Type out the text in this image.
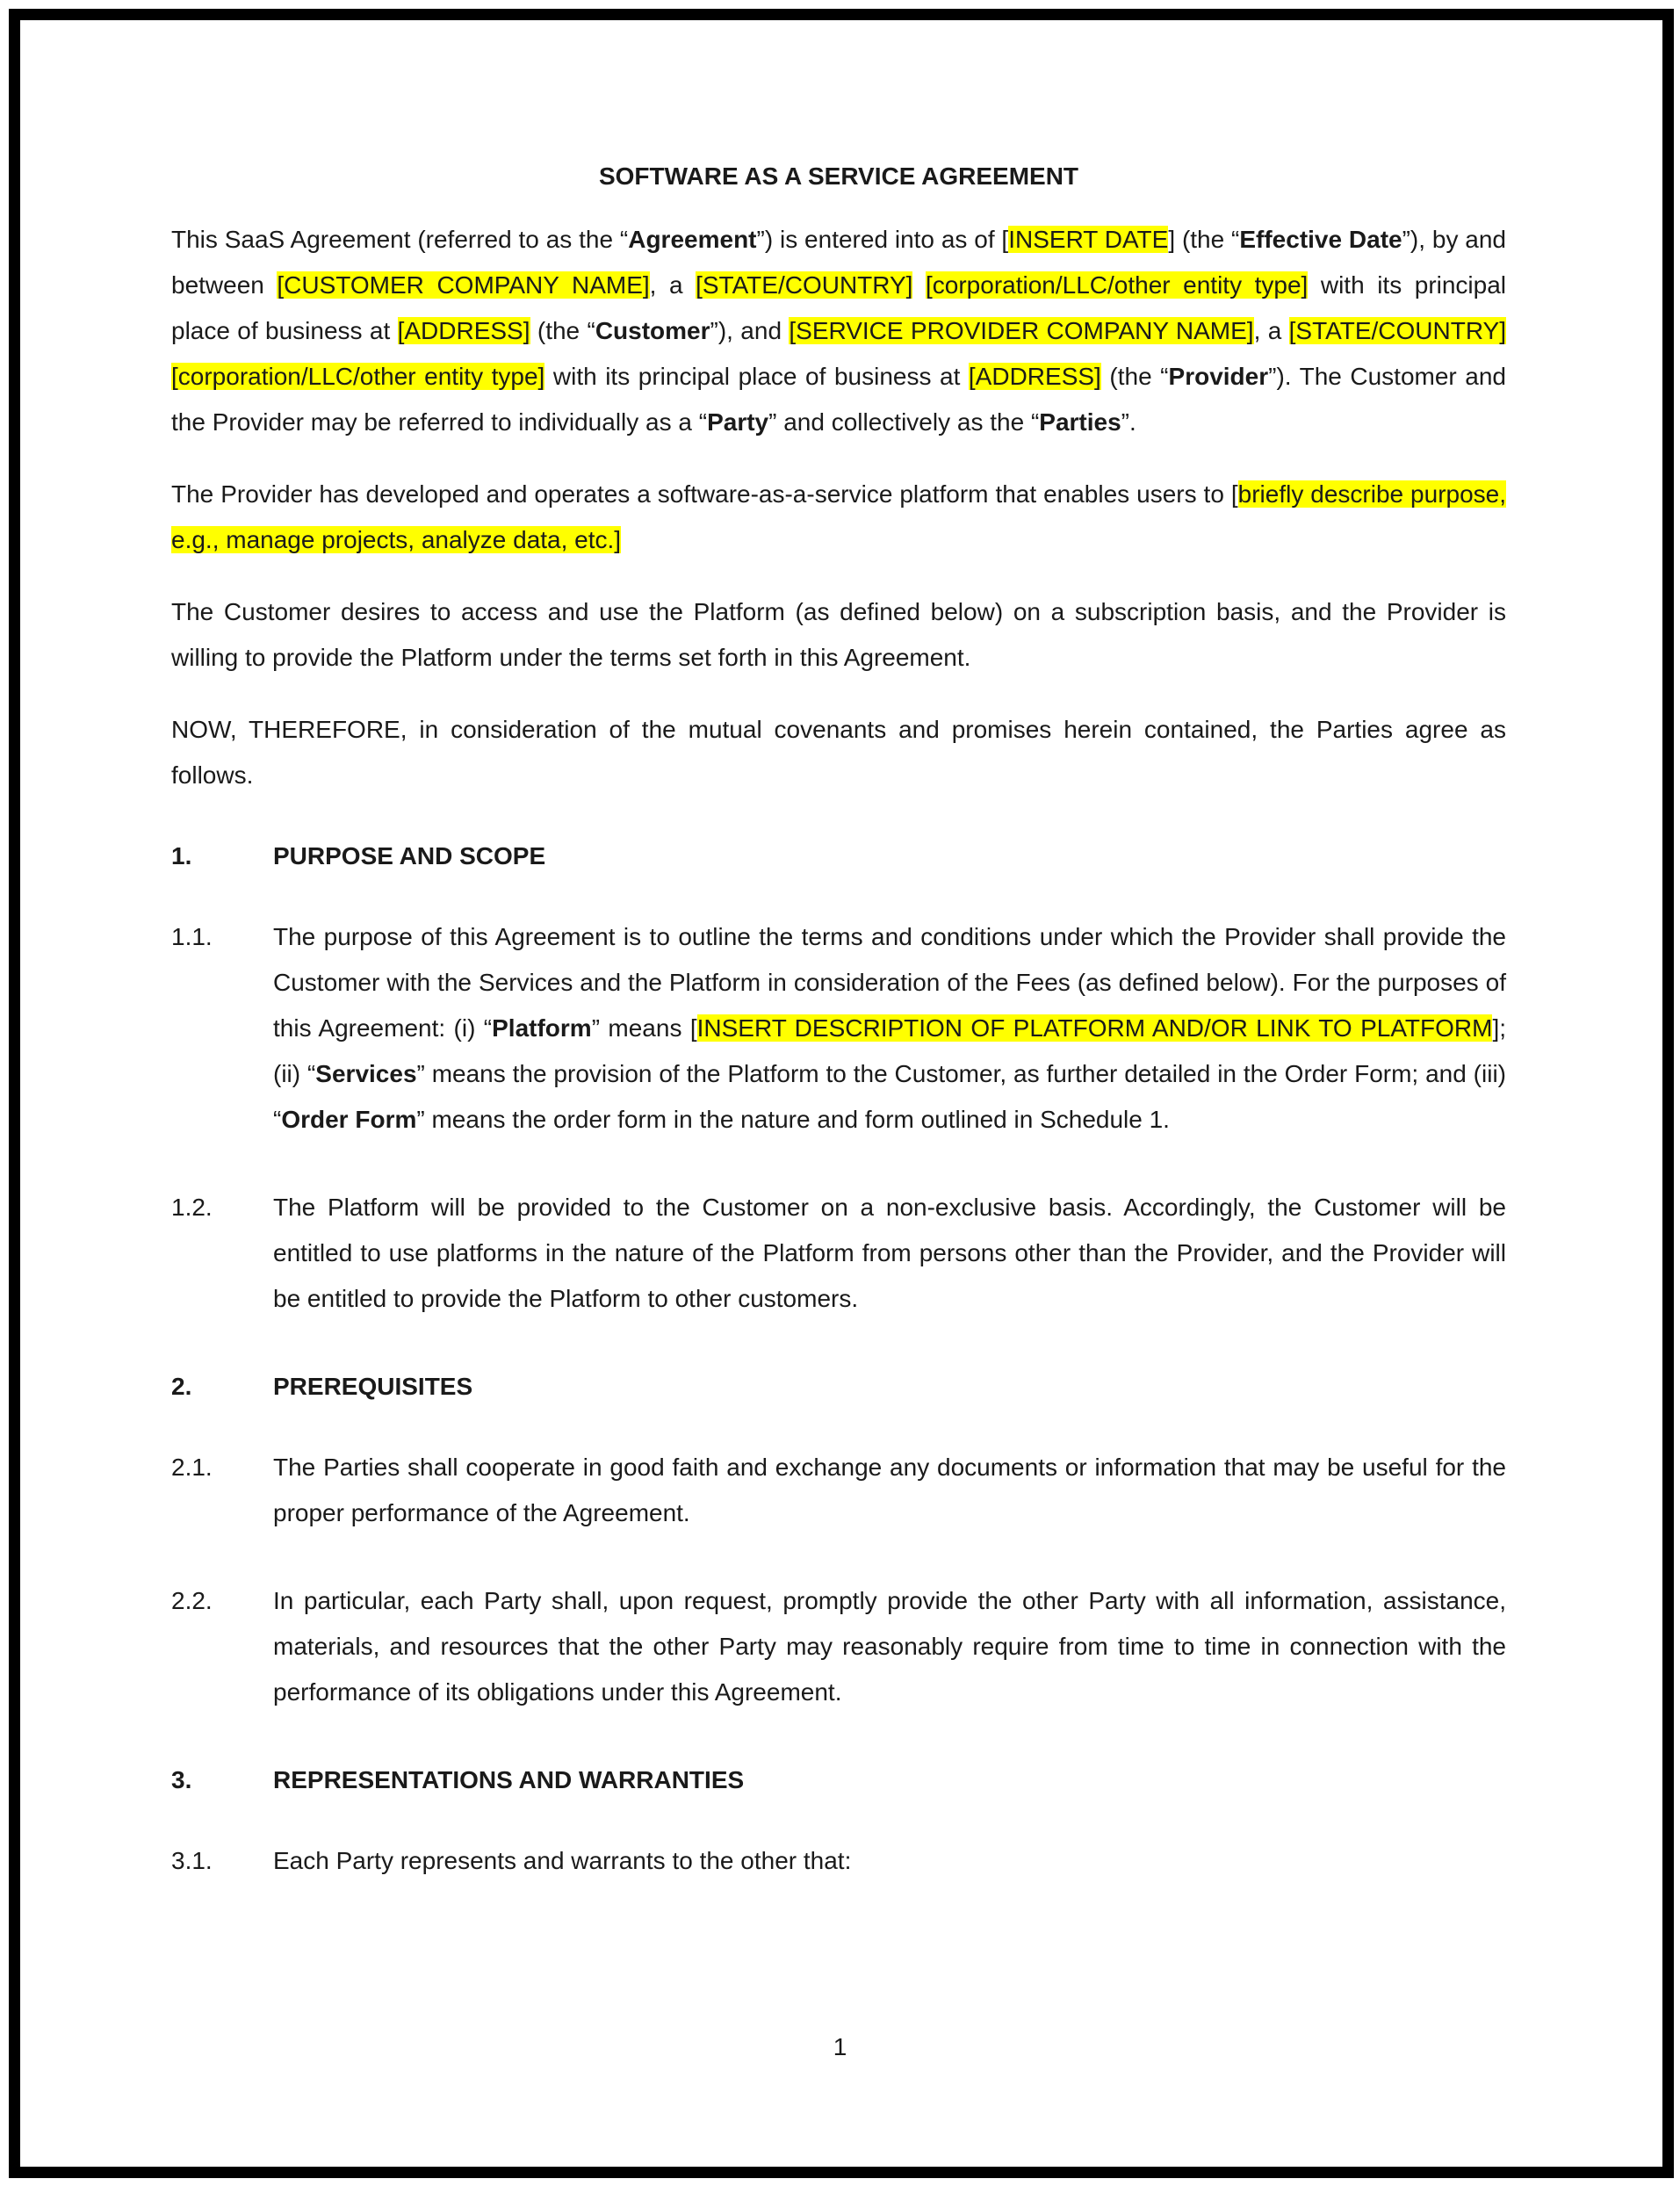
SOFTWARE AS A SERVICE AGREEMENT

This SaaS Agreement (referred to as the “Agreement”) is entered into as of [INSERT DATE] (the “Effective Date”), by and between [CUSTOMER COMPANY NAME], a [STATE/COUNTRY] [corporation/LLC/other entity type] with its principal place of business at [ADDRESS] (the “Customer”), and [SERVICE PROVIDER COMPANY NAME], a [STATE/COUNTRY] [corporation/LLC/other entity type] with its principal place of business at [ADDRESS] (the “Provider”). The Customer and the Provider may be referred to individually as a “Party” and collectively as the “Parties”.

The Provider has developed and operates a software-as-a-service platform that enables users to [briefly describe purpose, e.g., manage projects, analyze data, etc.]

The Customer desires to access and use the Platform (as defined below) on a subscription basis, and the Provider is willing to provide the Platform under the terms set forth in this Agreement.

NOW, THEREFORE, in consideration of the mutual covenants and promises herein contained, the Parties agree as follows.

1.	PURPOSE AND SCOPE
1.1.	The purpose of this Agreement is to outline the terms and conditions under which the Provider shall provide the Customer with the Services and the Platform in consideration of the Fees (as defined below). For the purposes of this Agreement: (i) “Platform” means [INSERT DESCRIPTION OF PLATFORM AND/OR LINK TO PLATFORM]; (ii) “Services” means the provision of the Platform to the Customer, as further detailed in the Order Form; and (iii) “Order Form” means the order form in the nature and form outlined in Schedule 1.
1.2.	The Platform will be provided to the Customer on a non-exclusive basis. Accordingly, the Customer will be entitled to use platforms in the nature of the Platform from persons other than the Provider, and the Provider will be entitled to provide the Platform to other customers.
2.	PREREQUISITES
2.1.	The Parties shall cooperate in good faith and exchange any documents or information that may be useful for the proper performance of the Agreement.
2.2.	In particular, each Party shall, upon request, promptly provide the other Party with all information, assistance, materials, and resources that the other Party may reasonably require from time to time in connection with the performance of its obligations under this Agreement.
3.	REPRESENTATIONS AND WARRANTIES
3.1.	Each Party represents and warrants to the other that:
1
